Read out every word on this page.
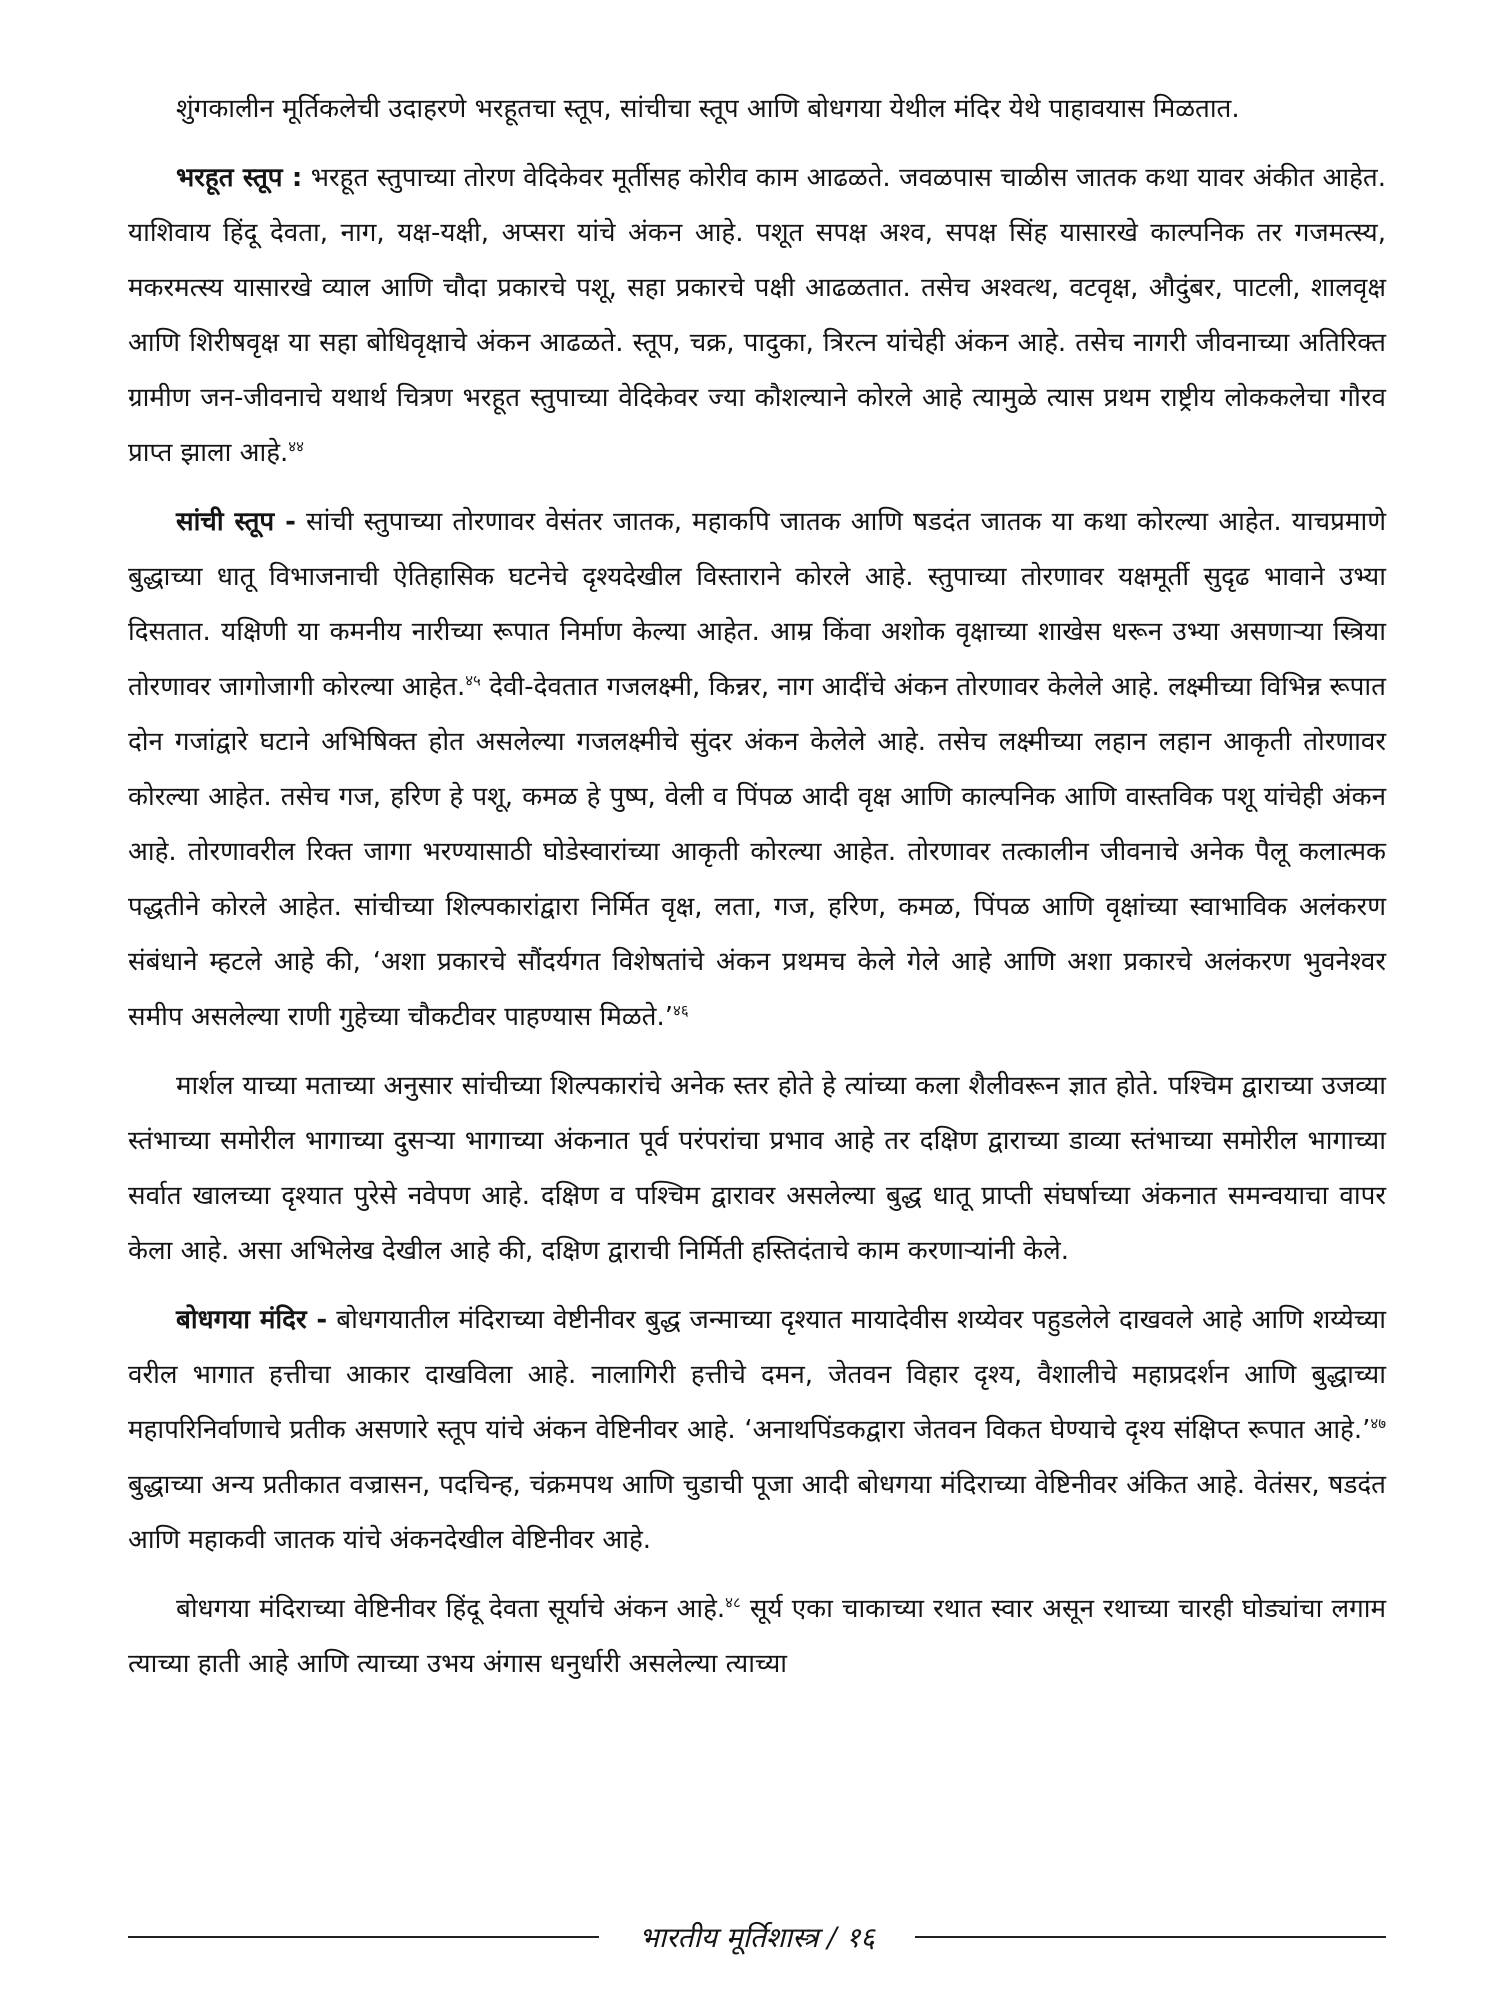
शुंगकालीन मूर्तिकलेची उदाहरणे भरहूतचा स्तूप, सांचीचा स्तूप आणि बोधगया येथील मंदिर येथे पाहावयास मिळतात.

भरहूत स्तूप : भरहूत स्तुपाच्या तोरण वेदिकेवर मूर्तीसह कोरीव काम आढळते. जवळपास चाळीस जातक कथा यावर अंकीत आहेत. याशिवाय हिंदू देवता, नाग, यक्ष-यक्षी, अप्सरा यांचे अंकन आहे. पशूत सपक्ष अश्‍व, सपक्ष सिंह यासारखे काल्पनिक तर गजमत्स्य, मकरमत्स्य यासारखे व्याल आणि चौदा प्रकारचे पशू, सहा प्रकारचे पक्षी आढळतात. तसेच अश्‍वत्थ, वटवृक्ष, औदुंबर, पाटली, शालवृक्ष आणि शिरीषवृक्ष या सहा बोधिवृक्षाचे अंकन आढळते. स्तूप, चक्र, पादुका, त्रिरत्न यांचेही अंकन आहे. तसेच नागरी जीवनाच्या अतिरिक्त ग्रामीण जन-जीवनाचे यथार्थ चित्रण भरहूत स्तुपाच्या वेदिकेवर ज्या कौशल्याने कोरले आहे त्यामुळे त्यास प्रथम राष्ट्रीय लोककलेचा गौरव प्राप्त झाला आहे.$^{४४}$

सांची स्तूप - सांची स्तुपाच्या तोरणावर वेसंतर जातक, महाकपि जातक आणि षडदंत जातक या कथा कोरल्या आहेत. याचप्रमाणे बुद्धाच्या धातू विभाजनाची ऐतिहासिक घटनेचे दृश्यदेखील विस्ताराने कोरले आहे. स्तुपाच्या तोरणावर यक्षमूर्ती सुदृढ भावाने उभ्या दिसतात. यक्षिणी या कमनीय नारीच्या रूपात निर्माण केल्या आहेत. आम्र किंवा अशोक वृक्षाच्या शाखेस धरून उभ्या असणाऱ्या स्त्रिया तोरणावर जागोजागी कोरल्या आहेत.$^{४५}$ देवी-देवतात गजलक्ष्मी, किन्नर, नाग आदींचे अंकन तोरणावर केलेले आहे. लक्ष्मीच्या विभिन्न रूपात दोन गजांद्वारे घटाने अभिषिक्त होत असलेल्या गजलक्ष्मीचे सुंदर अंकन केलेले आहे. तसेच लक्ष्मीच्या लहान लहान आकृती तोरणावर कोरल्या आहेत. तसेच गज, हरिण हे पशू, कमळ हे पुष्प, वेली व पिंपळ आदी वृक्ष आणि काल्पनिक आणि वास्तविक पशू यांचेही अंकन आहे. तोरणावरील रिक्त जागा भरण्यासाठी घोडेस्वारांच्या आकृती कोरल्या आहेत. तोरणावर तत्कालीन जीवनाचे अनेक पैलू कलात्मक पद्धतीने कोरले आहेत. सांचीच्या शिल्पकारांद्वारा निर्मित वृक्ष, लता, गज, हरिण, कमळ, पिंपळ आणि वृक्षांच्या स्वाभाविक अलंकरण संबंधाने म्हटले आहे की, ‘अशा प्रकारचे सौंदर्यगत विशेषतांचे अंकन प्रथमच केले गेले आहे आणि अशा प्रकारचे अलंकरण भुवनेश्‍वर समीप असलेल्या राणी गुहेच्या चौकटीवर पाहण्यास मिळते.’$^{४६}$

मार्शल याच्या मताच्या अनुसार सांचीच्या शिल्पकारांचे अनेक स्तर होते हे त्यांच्या कला शैलीवरून ज्ञात होते. पश्‍चिम द्वाराच्या उजव्या स्तंभाच्या समोरील भागाच्या दुसऱ्या भागाच्या अंकनात पूर्व परंपरांचा प्रभाव आहे तर दक्षिण द्वाराच्या डाव्या स्तंभाच्या समोरील भागाच्या सर्वात खालच्या दृश्यात पुरेसे नवेपण आहे. दक्षिण व पश्‍चिम द्वारावर असलेल्या बुद्ध धातू प्राप्ती संघर्षाच्या अंकनात समन्वयाचा वापर केला आहे. असा अभिलेख देखील आहे की, दक्षिण द्वाराची निर्मिती हस्तिदंताचे काम करणाऱ्यांनी केले.

बोधगया मंदिर - बोधगयातील मंदिराच्या वेष्टीनीवर बुद्ध जन्माच्या दृश्यात मायादेवीस शय्येवर पहुडलेले दाखवले आहे आणि शय्येच्या वरील भागात हत्तीचा आकार दाखविला आहे. नालागिरी हत्तीचे दमन, जेतवन विहार दृश्य, वैशालीचे महाप्रदर्शन आणि बुद्धाच्या महापरिनिर्वाणाचे प्रतीक असणारे स्तूप यांचे अंकन वेष्टिनीवर आहे. ‘अनाथपिंडकद्वारा जेतवन विकत घेण्याचे दृश्य संक्षिप्त रूपात आहे.’$^{४७}$ बुद्धाच्या अन्य प्रतीकात वज्रासन, पदचिन्ह, चंक्रमपथ आणि चुडाची पूजा आदी बोधगया मंदिराच्या वेष्टिनीवर अंकित आहे. वेतंसर, षडदंत आणि महाकवी जातक यांचे अंकनदेखील वेष्टिनीवर आहे.

बोधगया मंदिराच्या वेष्टिनीवर हिंदू देवता सूर्याचे अंकन आहे.$^{४८}$ सूर्य एका चाकाच्या रथात स्वार असून रथाच्या चारही घोड्यांचा लगाम त्याच्या हाती आहे आणि त्याच्या उभय अंगास धनुर्धारी असलेल्या त्याच्या

भारतीय मूर्तिशास्त्र / १६
